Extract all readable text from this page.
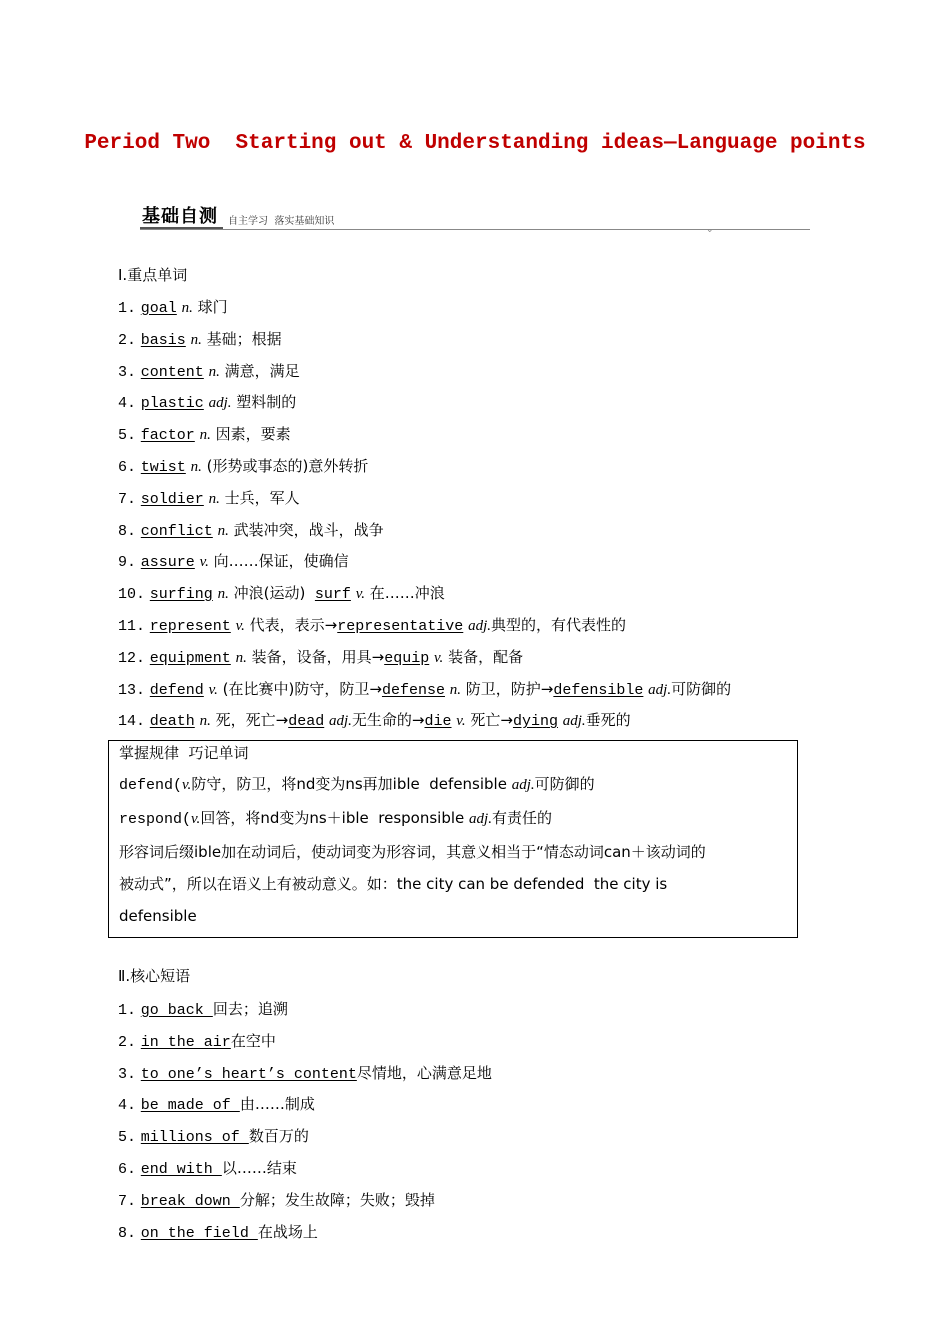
Period Two  Starting out & Understanding ideas—Language points
基础自测 自主学习  落实基础知识
⌄
Ⅰ.重点单词
1. goal n. 球门
2. basis n. 基础；根据
3. content n. 满意，满足
4. plastic adj. 塑料制的
5. factor n. 因素，要素
6. twist n. (形势或事态的)意外转折
7. soldier n. 士兵，军人
8. conflict n. 武装冲突，战斗，战争
9. assure v. 向……保证，使确信
10. surfing n. 冲浪(运动) surf v. 在……冲浪
11. represent v. 代表，表示→representative adj.典型的，有代表性的
12. equipment n. 装备，设备，用具→equip v. 装备，配备
13. defend v. (在比赛中)防守，防卫→defense n. 防卫，防护→defensible adj.可防御的
14. death n. 死，死亡→dead adj.无生命的→die v. 死亡→dying adj.垂死的
掌握规律  巧记单词
defend(v.防守，防卫，将nd变为ns再加ible  defensible adj.可防御的
respond(v.回答，将nd变为ns＋ible  responsible adj.有责任的
形容词后缀ible加在动词后，使动词变为形容词，其意义相当于“情态动词can＋该动词的
被动式”，所以在语义上有被动意义。如：the city can be defended  the city is
defensible
Ⅱ.核心短语
1. go back 回去；追溯
2. in the air在空中
3. to one’s heart’s content尽情地，心满意足地
4. be made of 由……制成
5. millions of 数百万的
6. end with 以……结束
7. break down 分解；发生故障；失败；毁掉
8. on the field 在战场上
